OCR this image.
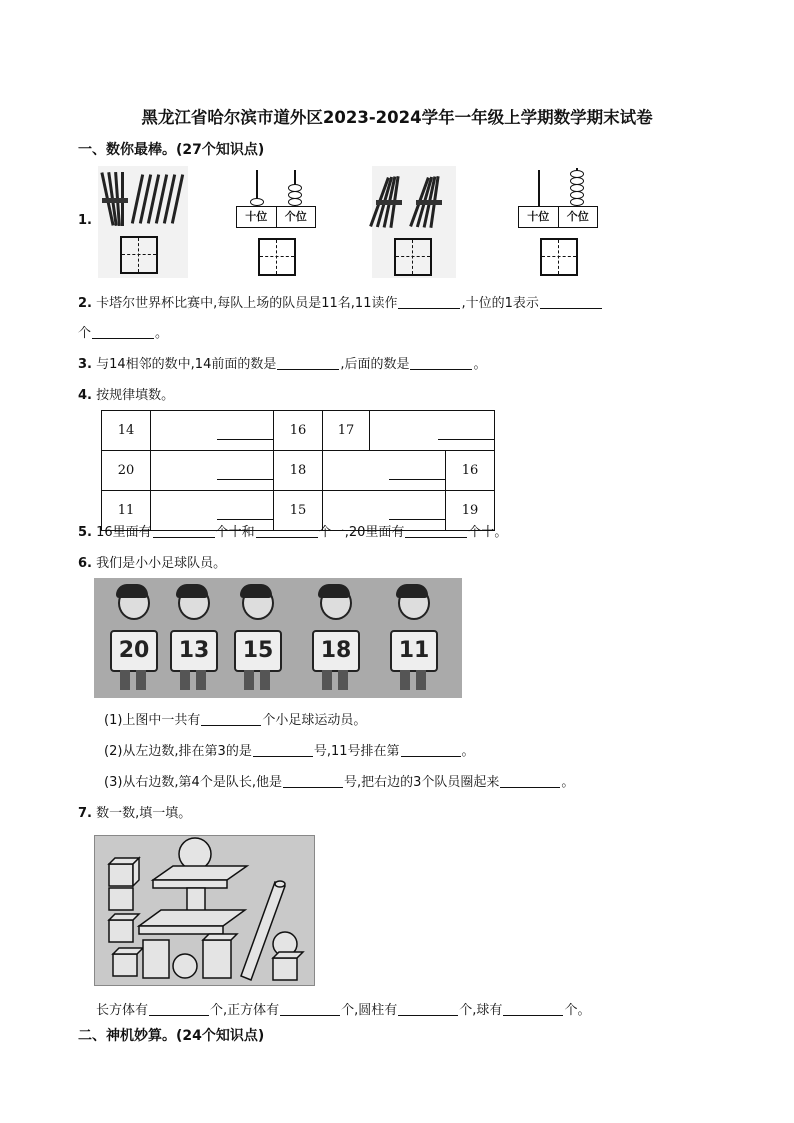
黑龙江省哈尔滨市道外区2023-2024学年一年级上学期数学期末试卷
一、数你最棒。(27个知识点)
1.	十位	个位	十位	个位
2. 卡塔尔世界杯比赛中,每队上场的队员是11名,11读作	,十位的1表示
个	。
3. 与14相邻的数中,14前面的数是	,后面的数是	。
4. 按规律填数。
14		16	17		
20		18			16
11		15			19
5. 16里面有	个十和	个一,20里面有	个十。
6. 我们是小小足球队员。
20	13	15	18	11
(1)上图中一共有	个小足球运动员。
(2)从左边数,排在第3的是	号,11号排在第	。
(3)从右边数,第4个是队长,他是	号,把右边的3个队员圈起来	。
7. 数一数,填一填。
长方体有	个,正方体有	个,圆柱有	个,球有	个。
二、神机妙算。(24个知识点)
